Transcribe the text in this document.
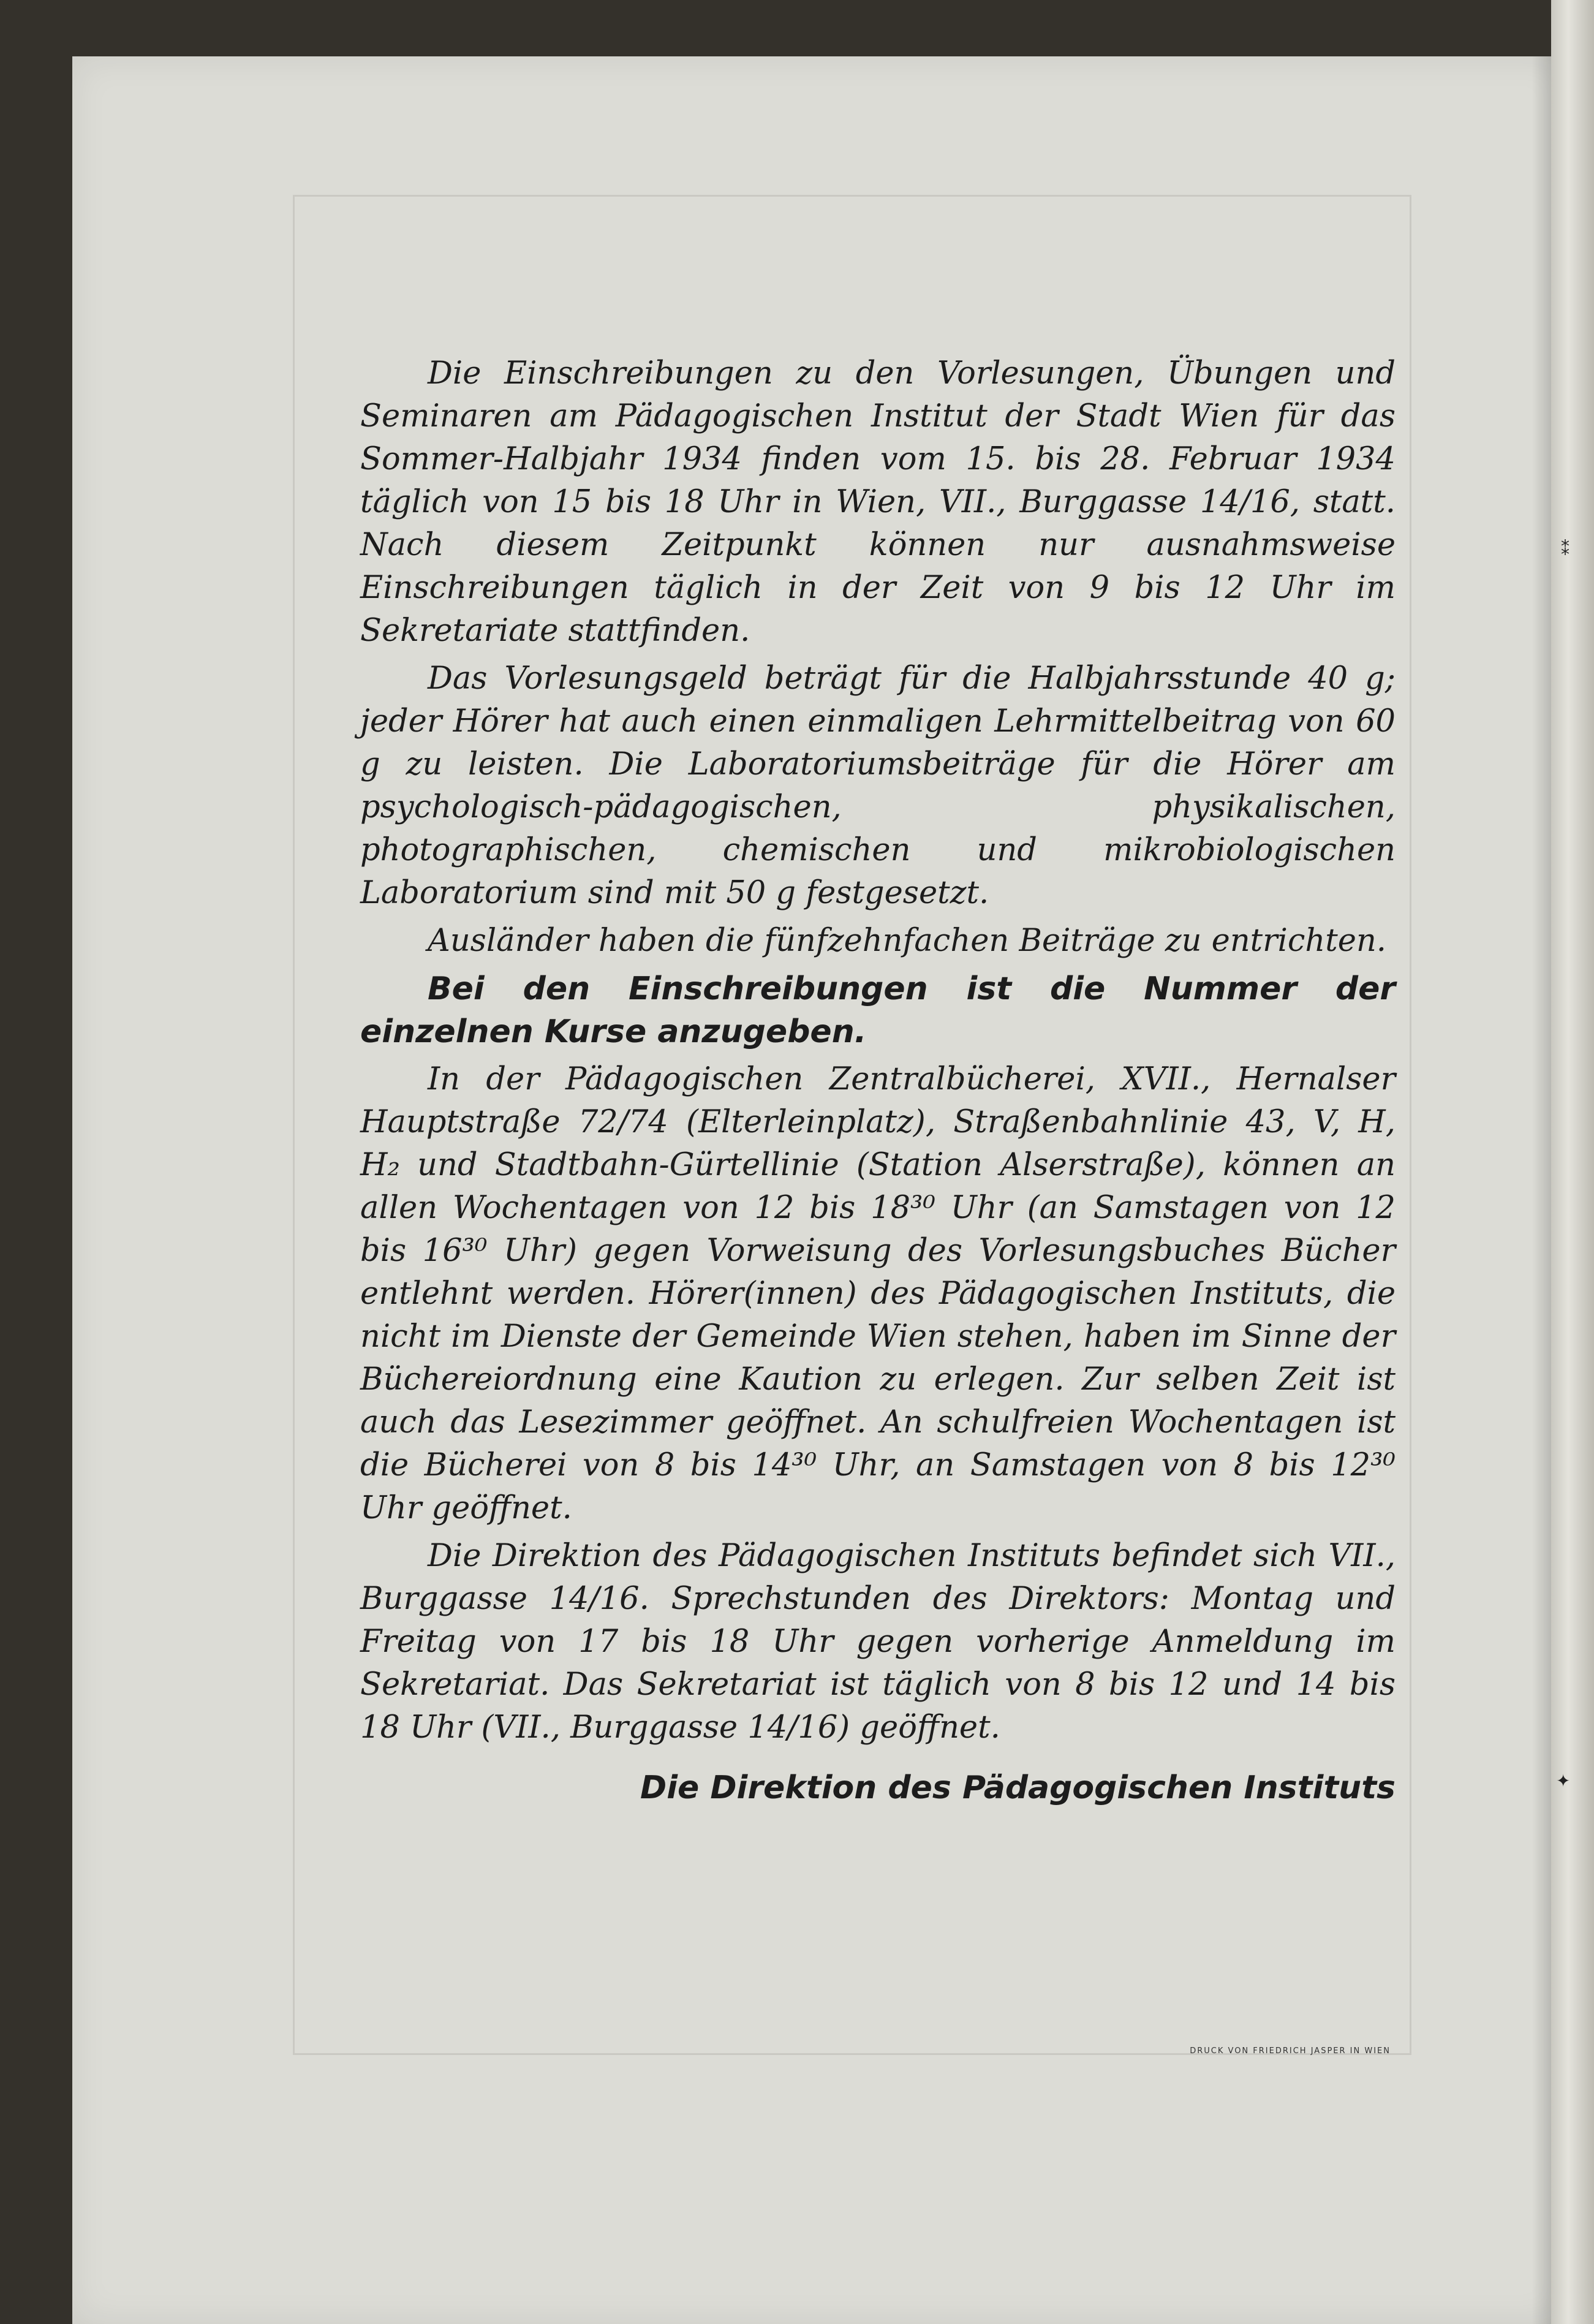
Die Einschreibungen zu den Vorlesungen, Übungen und Seminaren am Pädagogischen Institut der Stadt Wien für das Sommer-Halbjahr 1934 finden vom 15. bis 28. Februar 1934 täglich von 15 bis 18 Uhr in Wien, VII., Burggasse 14/16, statt. Nach diesem Zeitpunkt können nur ausnahmsweise Einschreibungen täglich in der Zeit von 9 bis 12 Uhr im Sekretariate stattfinden.

Das Vorlesungsgeld beträgt für die Halbjahrsstunde 40 g; jeder Hörer hat auch einen einmaligen Lehrmittelbeitrag von 60 g zu leisten. Die Laboratoriumsbeiträge für die Hörer am psychologisch-pädagogischen, physikalischen, photographischen, chemischen und mikrobiologischen Laboratorium sind mit 50 g festgesetzt.

Ausländer haben die fünfzehnfachen Beiträge zu entrichten.

Bei den Einschreibungen ist die Nummer der einzelnen Kurse anzugeben.

In der Pädagogischen Zentralbücherei, XVII., Hernalser Hauptstraße 72/74 (Elterleinplatz), Straßenbahnlinie 43, V, H, H₂ und Stadtbahn-Gürtellinie (Station Alserstraße), können an allen Wochentagen von 12 bis 18³⁰ Uhr (an Samstagen von 12 bis 16³⁰ Uhr) gegen Vorweisung des Vorlesungsbuches Bücher entlehnt werden. Hörer(innen) des Pädagogischen Instituts, die nicht im Dienste der Gemeinde Wien stehen, haben im Sinne der Büchereiordnung eine Kaution zu erlegen. Zur selben Zeit ist auch das Lesezimmer geöffnet. An schulfreien Wochentagen ist die Bücherei von 8 bis 14³⁰ Uhr, an Samstagen von 8 bis 12³⁰ Uhr geöffnet.

Die Direktion des Pädagogischen Instituts befindet sich VII., Burggasse 14/16. Sprechstunden des Direktors: Montag und Freitag von 17 bis 18 Uhr gegen vorherige Anmeldung im Sekretariat. Das Sekretariat ist täglich von 8 bis 12 und 14 bis 18 Uhr (VII., Burggasse 14/16) geöffnet.

Die Direktion des Pädagogischen Instituts
DRUCK VON FRIEDRICH JASPER IN WIEN
⁑
✦
